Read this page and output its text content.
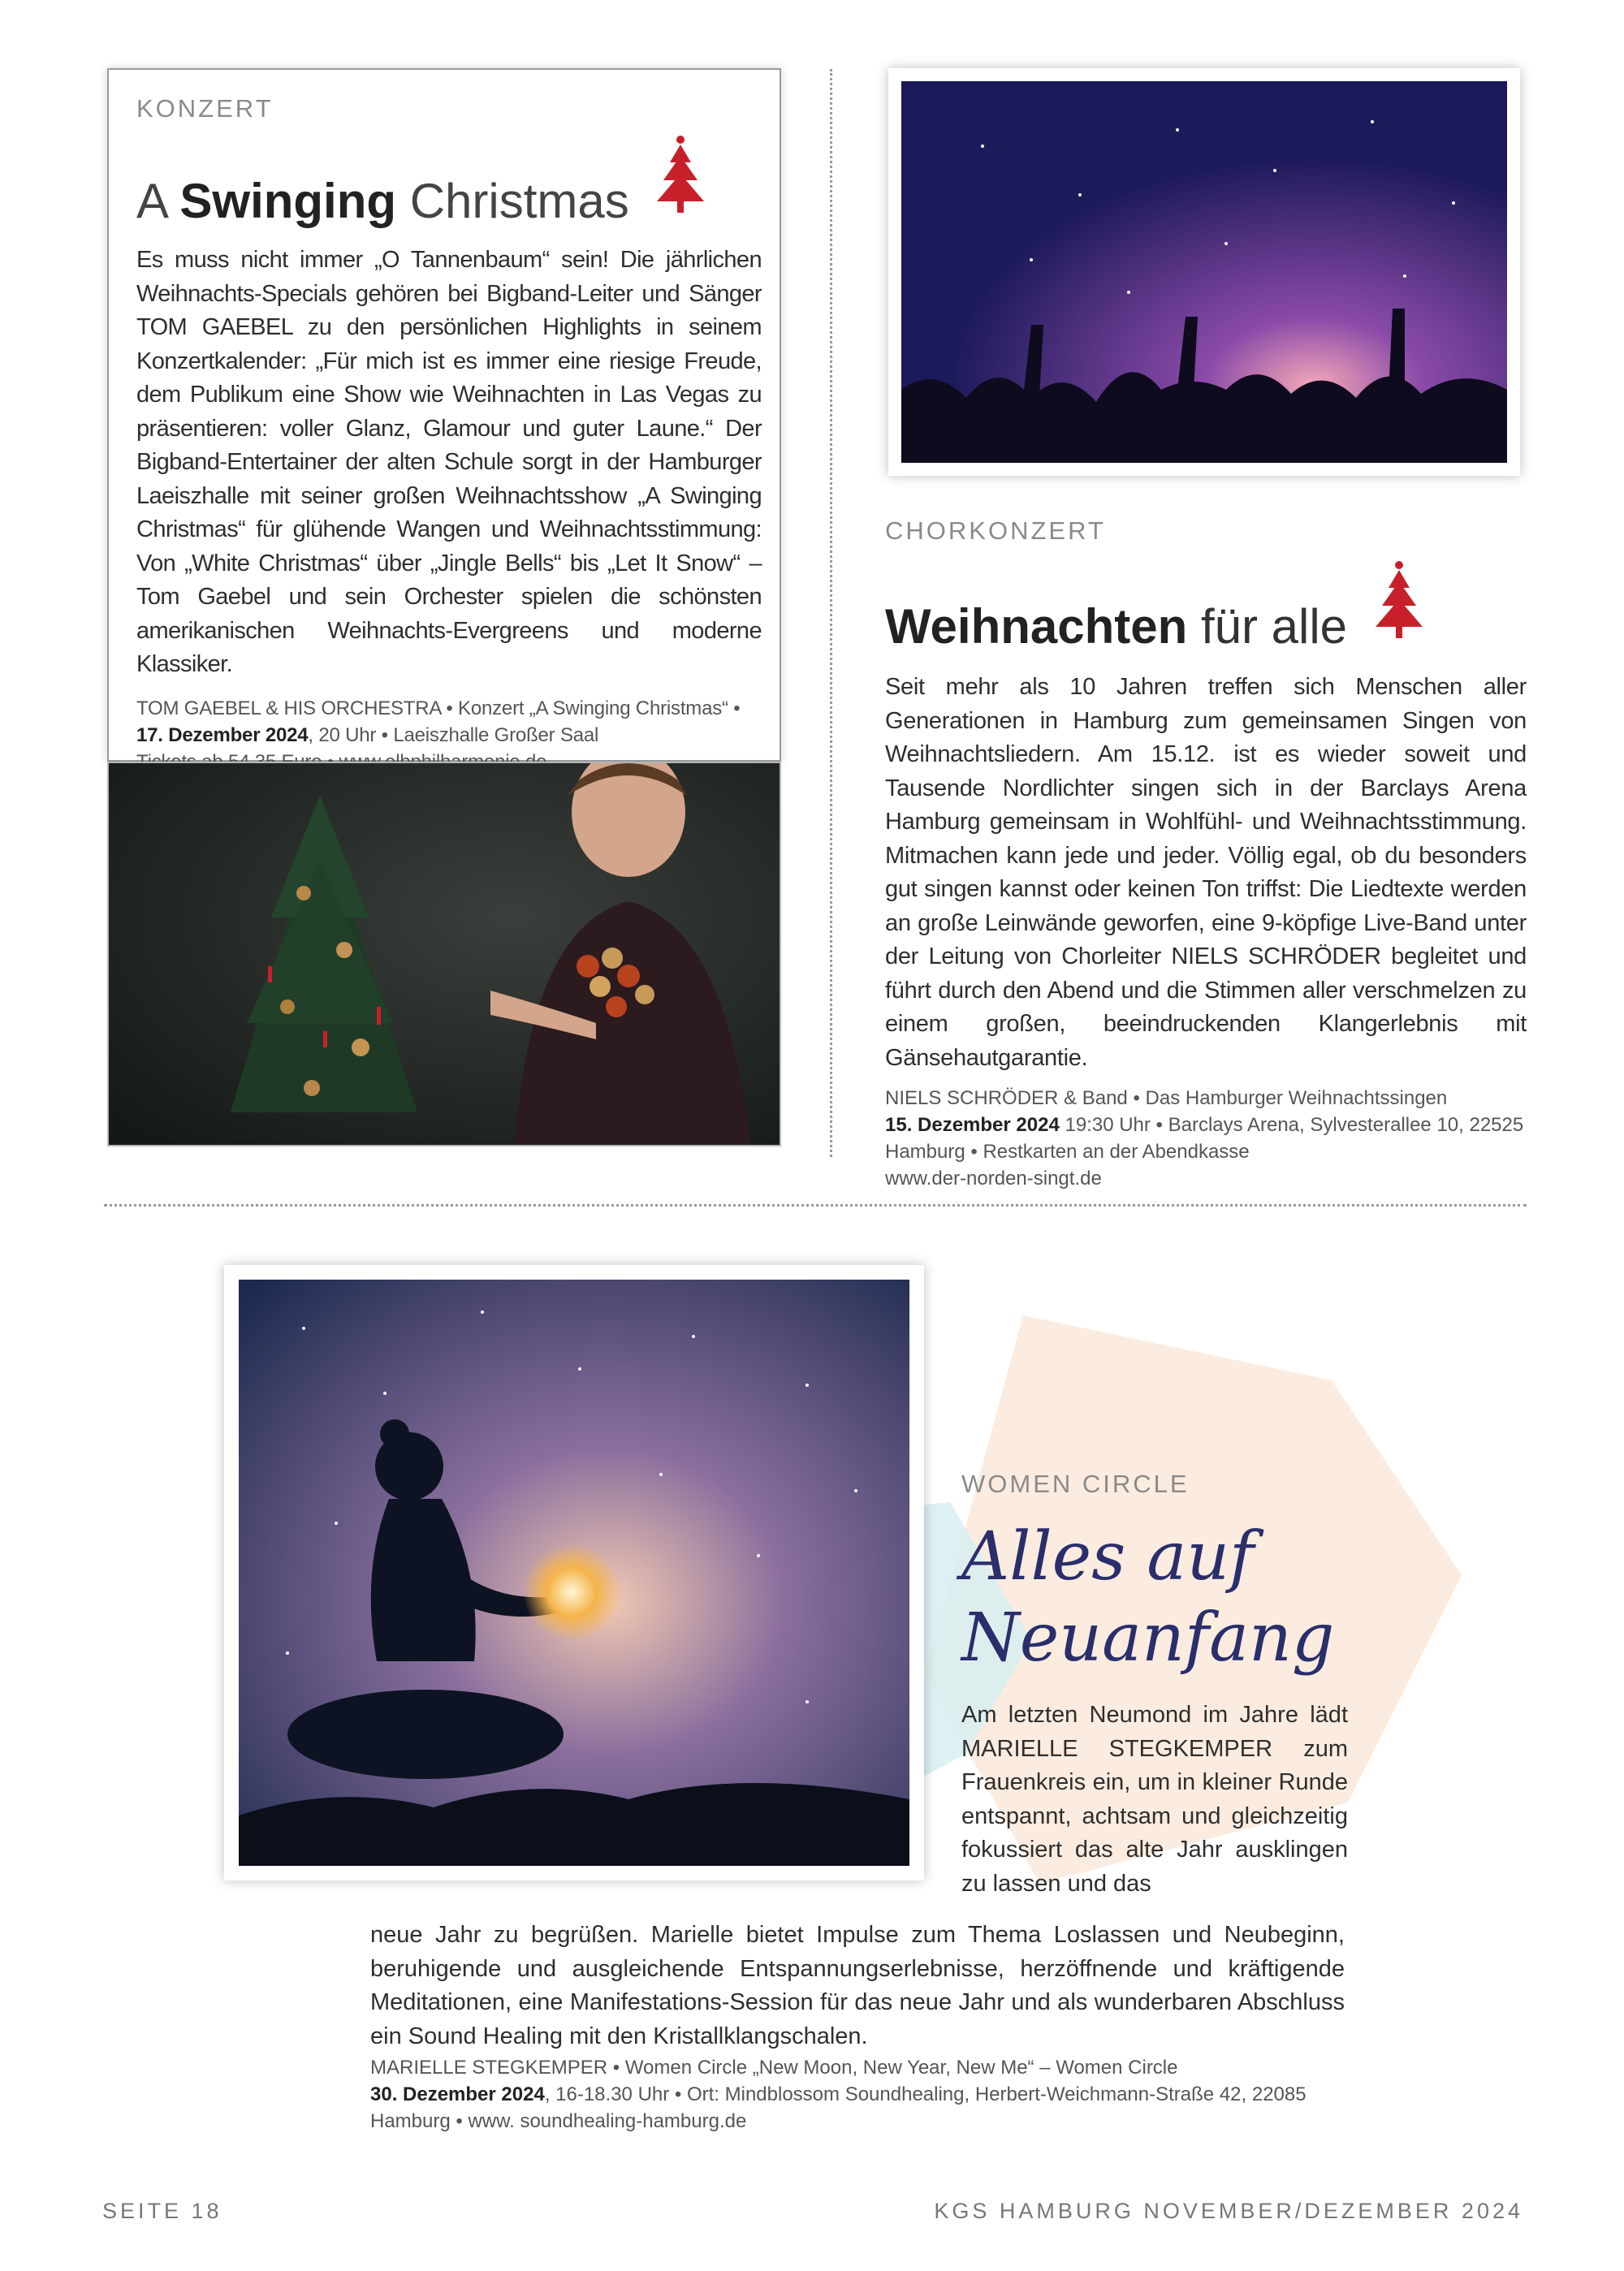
KONZERT
A Swinging Christmas
Es muss nicht immer „O Tannenbaum“ sein! Die jährlichen Weihnachts-Specials gehören bei Bigband-Leiter und Sänger TOM GAEBEL zu den persönlichen Highlights in seinem Konzertkalender: „Für mich ist es immer eine riesige Freude, dem Publikum eine Show wie Weihnachten in Las Vegas zu präsentieren: voller Glanz, Glamour und guter Laune.“ Der Bigband-Entertainer der alten Schule sorgt in der Hamburger Laeiszhalle mit seiner großen Weihnachtsshow „A Swinging Christmas“ für glühende Wangen und Weihnachtsstimmung: Von „White Christmas“ über „Jingle Bells“ bis „Let It Snow“ – Tom Gaebel und sein Orchester spielen die schönsten amerikanischen Weihnachts-Evergreens und moderne Klassiker.
TOM GAEBEL & HIS ORCHESTRA • Konzert „A Swinging Christmas“ • 17. Dezember 2024, 20 Uhr • Laeiszhalle Großer Saal

CHORKONZERT
Weihnachten für alle
Seit mehr als 10 Jahren treffen sich Menschen aller Generationen in Hamburg zum gemeinsamen Singen von Weihnachtsliedern. Am 15.12. ist es wieder soweit und Tausende Nordlichter singen sich in der Barclays Arena Hamburg gemeinsam in Wohlfühl- und Weihnachtsstimmung. Mitmachen kann jede und jeder. Völlig egal, ob du besonders gut singen kannst oder keinen Ton triffst: Die Liedtexte werden an große Leinwände geworfen, eine 9-köpfige Live-Band unter der Leitung von Chorleiter NIELS SCHRÖDER begleitet und führt durch den Abend und die Stimmen aller verschmelzen zu einem großen, beeindruckenden Klangerlebnis mit Gänsehautgarantie.
NIELS SCHRÖDER & Band • Das Hamburger Weihnachtssingen
15. Dezember 2024 19:30 Uhr • Barclays Arena, Sylvesterallee 10, 22525 Hamburg • Restkarten an der Abendkasse
www.der-norden-singt.de
WOMEN CIRCLE
Alles auf
Neuanfang
Am letzten Neumond im Jahre lädt MARIELLE STEGKEMPER zum Frauenkreis ein, um in kleiner Runde entspannt, achtsam und gleichzeitig fokussiert das alte Jahr ausklingen zu lassen und das
neue Jahr zu begrüßen. Marielle bietet Impulse zum Thema Loslassen und Neubeginn, beruhigende und ausgleichende Entspannungserlebnisse, herzöffnende und kräftigende Meditationen, eine Manifestations-Session für das neue Jahr und als wunderbaren Abschluss ein Sound Healing mit den Kristallklangschalen.
MARIELLE STEGKEMPER • Women Circle „New Moon, New Year, New Me“ – Women Circle
30. Dezember 2024, 16-18.30 Uhr • Ort: Mindblossom Soundhealing, Herbert-Weichmann-Straße 42, 22085 Hamburg • www. soundhealing-hamburg.de
SEITE 18	KGS HAMBURG NOVEMBER/DEZEMBER 2024
